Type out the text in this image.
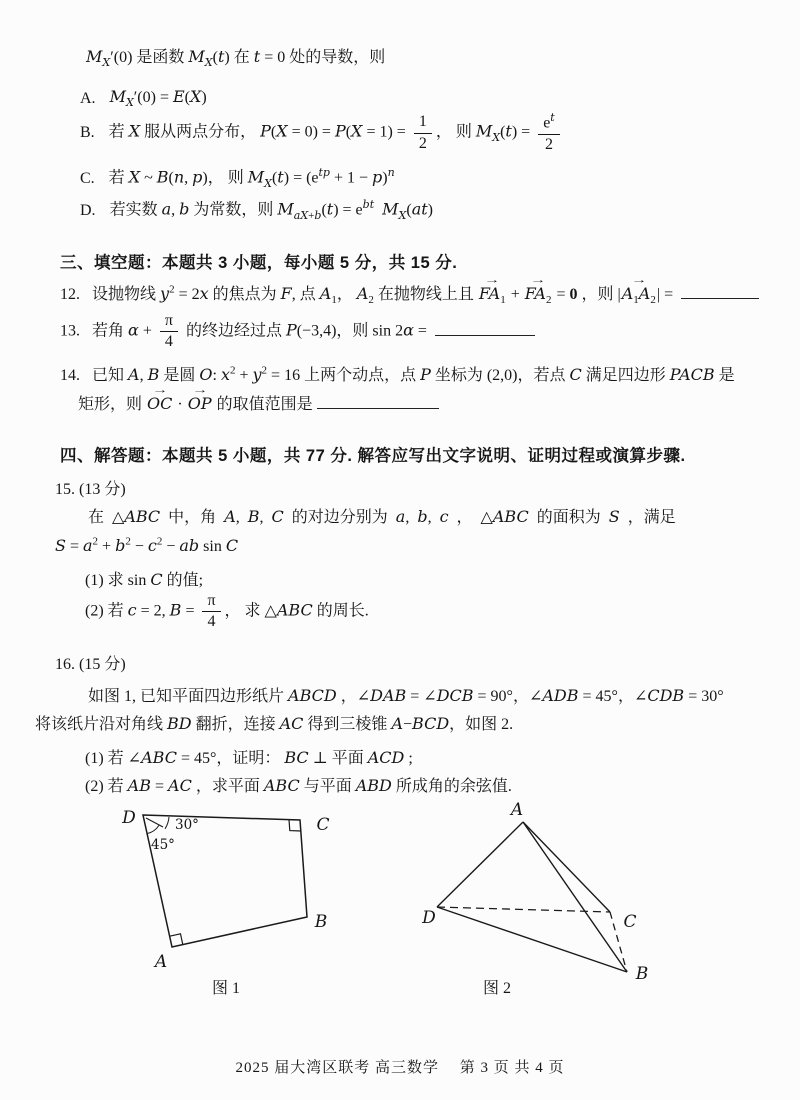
$M_X'(0)$ 是函数 $M_X(t)$ 在 t = 0 处的导数，则
A. $M_X'(0) = E(X)$
B. 若 X 服从两点分布， $P(X = 0) = P(X = 1) = \frac{1}{2}$ ， 则 $M_X(t) = \frac{e^t}{2}$
C. 若 X ~ B(n, p)， 则 $M_X(t) = (e^{tp} + 1 - p)^n$
D. 若实数 a, b 为常数，则 $M_{aX+b}(t) = e^{bt}$ $M_X(at)$
三、填空题：本题共 3 小题，每小题 5 分，共 15 分.
12.  设抛物线 $y^2 = 2x$ 的焦点为 F, 点 $A_1$， $A_2$ 在抛物线上且 → $FA_1$ + → $FA_2 = 0$ ，则 |→ $A_1A_2|$ =
13.  若角 $\alpha + \frac{\pi}{4}$ 的终边经过点 P(−3,4)，则 sin 2α =
14.  已知 A, B 是圆 O: $x^2 + y^2 = 16$ 上两个动点，点 P 坐标为 (2,0)，若点 C 满足四边形 PACB 是
矩形，则 → OC · → OP 的取值范围是
四、解答题：本题共 5 小题，共 77 分. 解答应写出文字说明、证明过程或演算步骤.
15. (13 分)
在 △ABC 中，角 A, B, C 的对边分别为 a, b, c ， △ABC 的面积为 S ，满足
$S = a^2 + b^2 - c^2$ − ab sin C
(1) 求 sin C 的值;
(2) 若 c = 2, $B = \frac{\pi}{4}$ ， 求 △ABC 的周长.
16. (15 分)
如图 1, 已知平面四边形纸片 ABCD ，∠DAB = ∠DCB = 90°，∠ADB = 45°，∠CDB = 30°
将该纸片沿对角线 BD 翻折，连接 AC 得到三棱锥 A−BCD，如图 2.
(1) 若 ∠ABC = 45°，证明： BC ⊥ 平面 ACD ;
(2) 若 AB = AC ，求平面 ABC 与平面 ABD 所成角的余弦值.
D	C
B
A
30°
45°
图 1
A
D	C
B
图 2
2025 届大湾区联考 高三数学　 第 3 页 共 4 页
